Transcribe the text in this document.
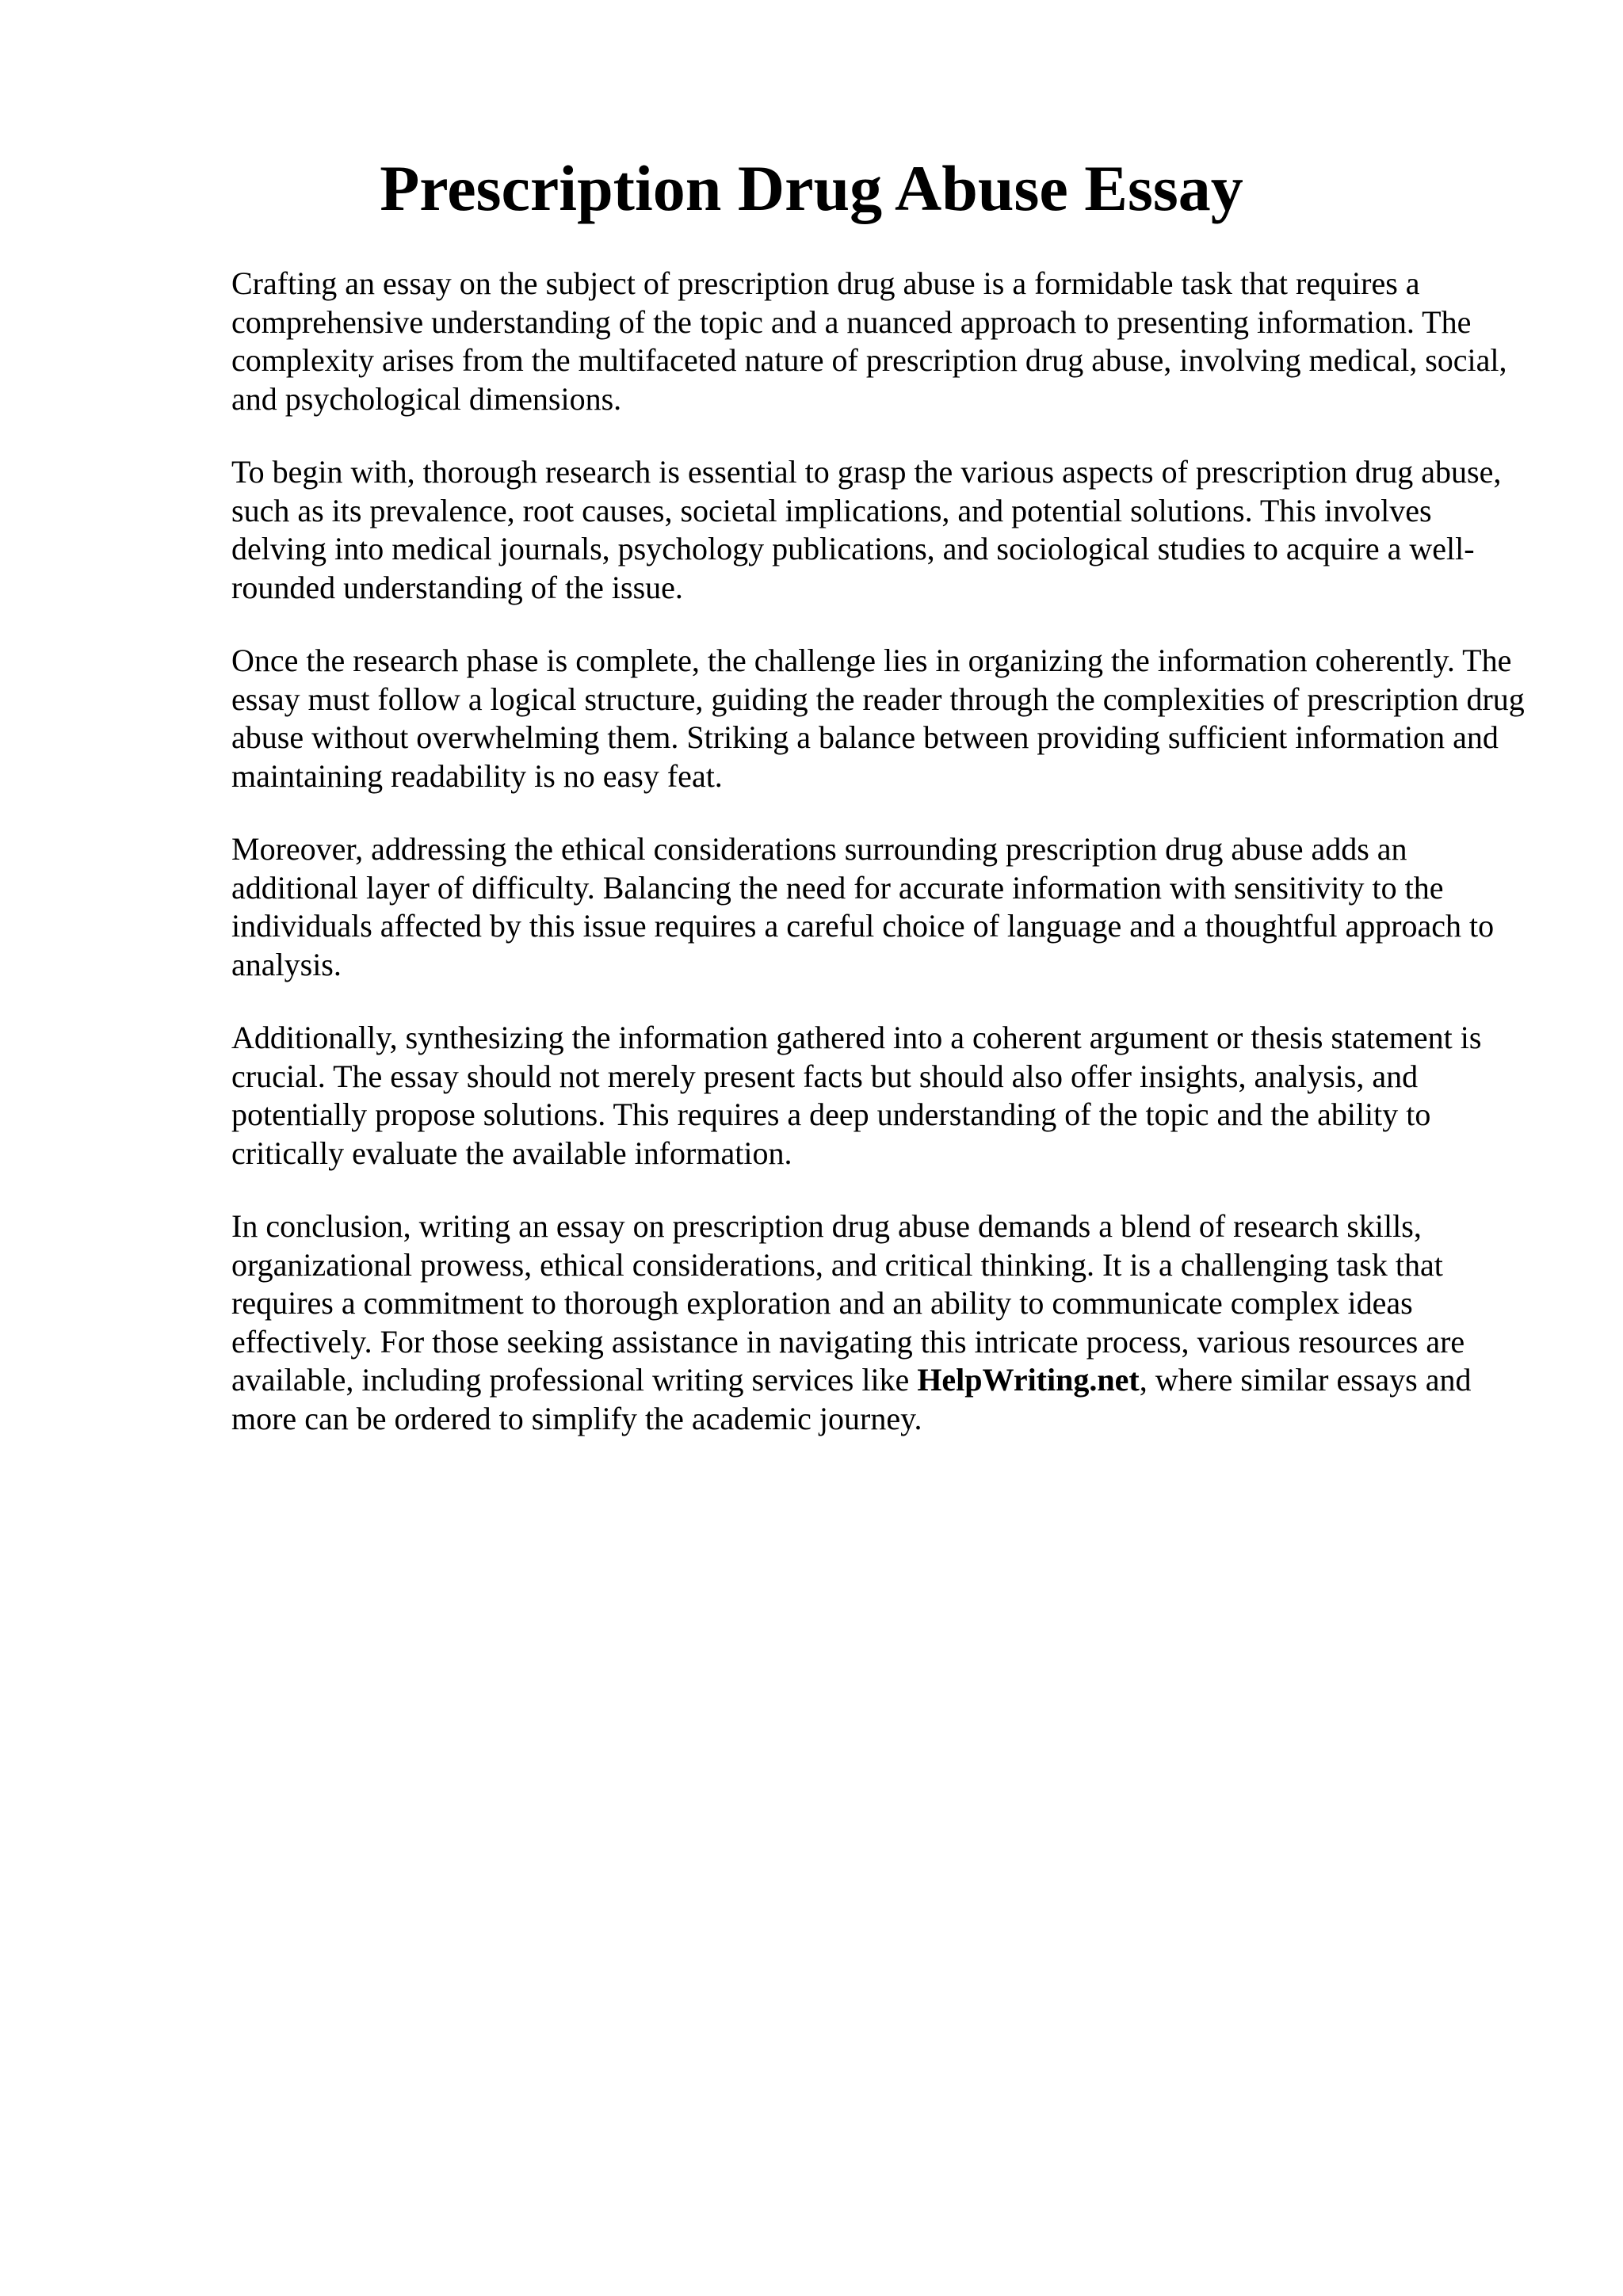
Prescription Drug Abuse Essay

Crafting an essay on the subject of prescription drug abuse is a formidable task that requires a comprehensive understanding of the topic and a nuanced approach to presenting information. The complexity arises from the multifaceted nature of prescription drug abuse, involving medical, social, and psychological dimensions.

To begin with, thorough research is essential to grasp the various aspects of prescription drug abuse, such as its prevalence, root causes, societal implications, and potential solutions. This involves delving into medical journals, psychology publications, and sociological studies to acquire a well-rounded understanding of the issue.

Once the research phase is complete, the challenge lies in organizing the information coherently. The essay must follow a logical structure, guiding the reader through the complexities of prescription drug abuse without overwhelming them. Striking a balance between providing sufficient information and maintaining readability is no easy feat.

Moreover, addressing the ethical considerations surrounding prescription drug abuse adds an additional layer of difficulty. Balancing the need for accurate information with sensitivity to the individuals affected by this issue requires a careful choice of language and a thoughtful approach to analysis.

Additionally, synthesizing the information gathered into a coherent argument or thesis statement is crucial. The essay should not merely present facts but should also offer insights, analysis, and potentially propose solutions. This requires a deep understanding of the topic and the ability to critically evaluate the available information.

In conclusion, writing an essay on prescription drug abuse demands a blend of research skills, organizational prowess, ethical considerations, and critical thinking. It is a challenging task that requires a commitment to thorough exploration and an ability to communicate complex ideas effectively. For those seeking assistance in navigating this intricate process, various resources are available, including professional writing services like HelpWriting.net, where similar essays and more can be ordered to simplify the academic journey.
